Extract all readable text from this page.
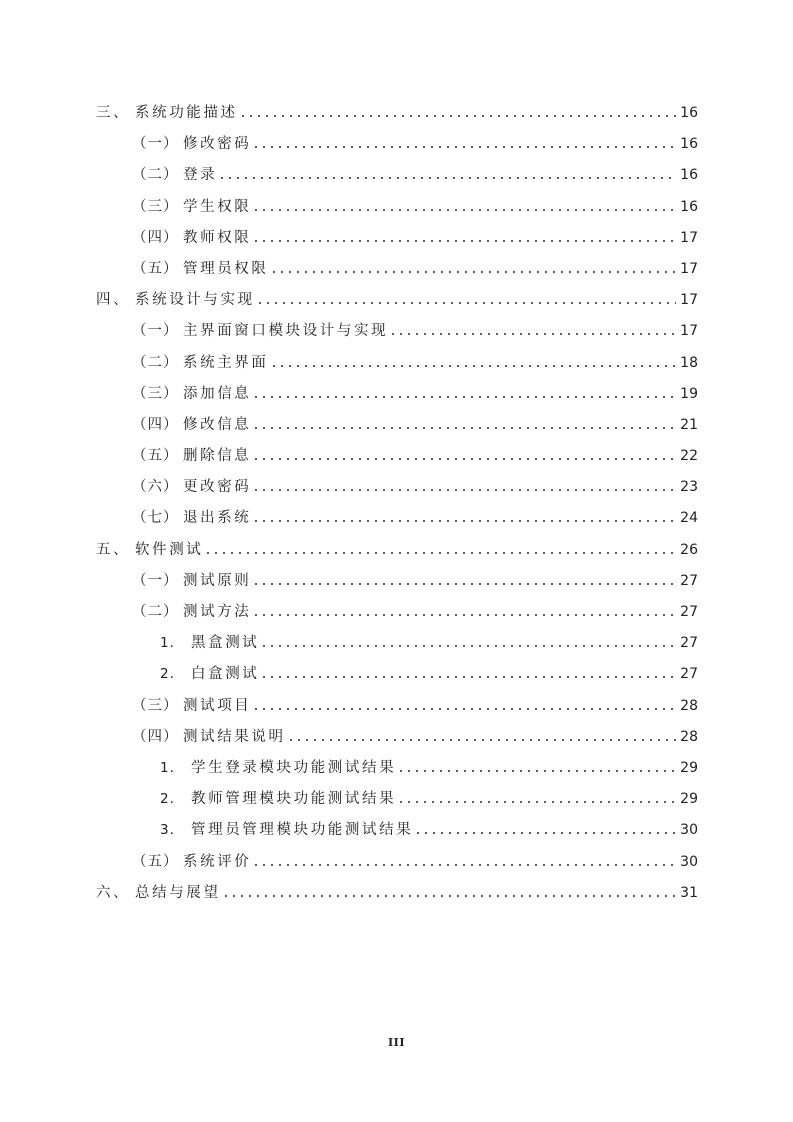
三、 系统功能描述	16
（一） 修改密码	16
（二） 登录	16
（三） 学生权限	16
（四） 教师权限	17
（五） 管理员权限	17
四、 系统设计与实现	17
（一） 主界面窗口模块设计与实现	17
（二） 系统主界面	18
（三） 添加信息	19
（四） 修改信息	21
（五） 删除信息	22
（六） 更改密码	23
（七） 退出系统	24
五、 软件测试	26
（一） 测试原则	27
（二） 测试方法	27
1.	黑盒测试	27
2.	白盒测试	27
（三） 测试项目	28
（四） 测试结果说明	28
1.	学生登录模块功能测试结果	29
2.	教师管理模块功能测试结果	29
3.	管理员管理模块功能测试结果	30
（五） 系统评价	30
六、 总结与展望	31
III
